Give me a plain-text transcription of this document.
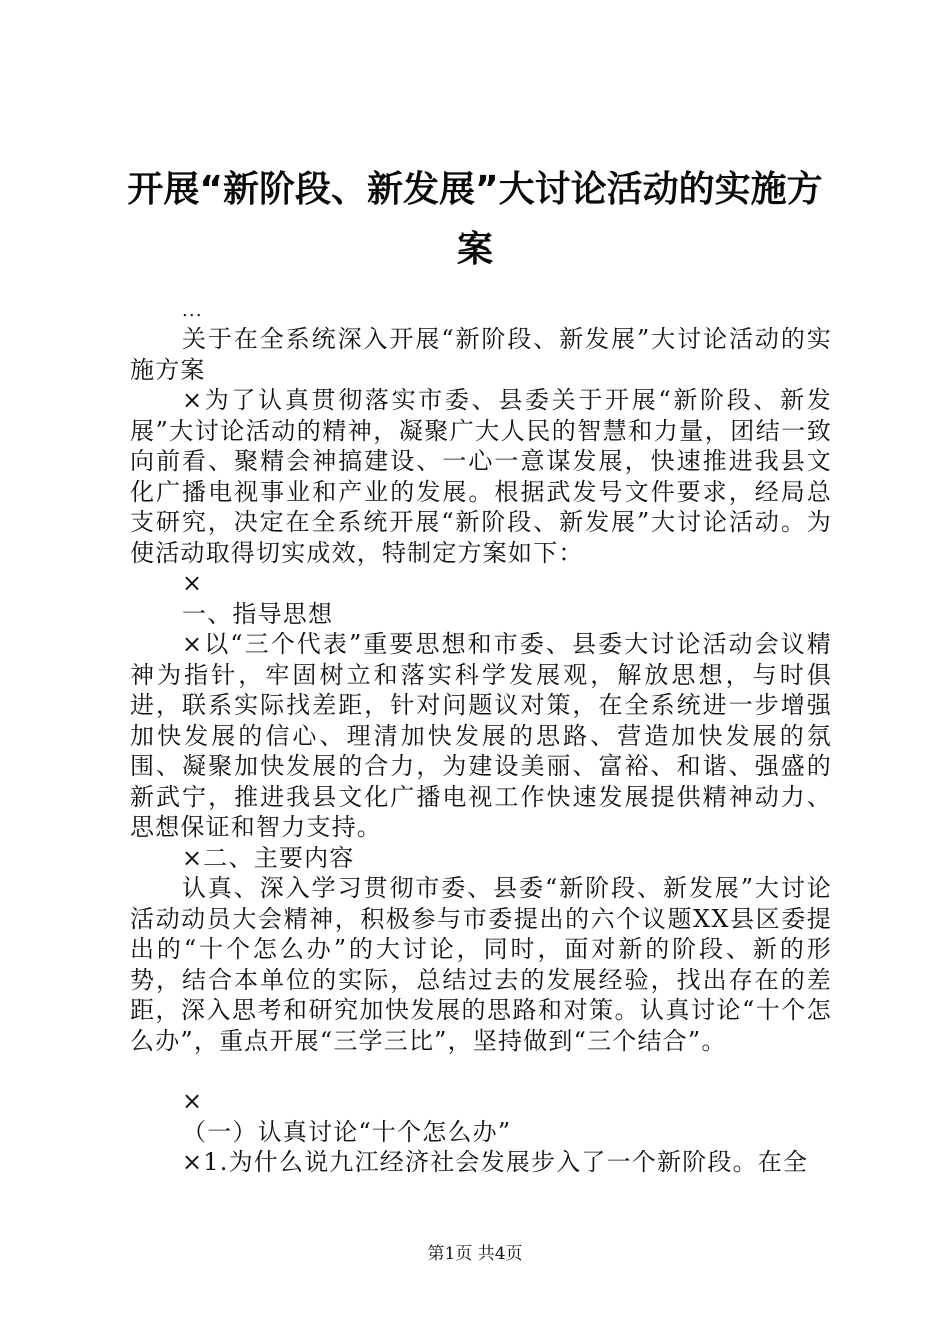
开展“新阶段、新发展”大讨论活动的实施方案

...

关于在全系统深入开展“新阶段、新发展”大讨论活动的实施方案

×为了认真贯彻落实市委、县委关于开展“新阶段、新发展”大讨论活动的精神，凝聚广大人民的智慧和力量，团结一致向前看、聚精会神搞建设、一心一意谋发展，快速推进我县文化广播电视事业和产业的发展。根据武发号文件要求，经局总支研究，决定在全系统开展“新阶段、新发展”大讨论活动。为使活动取得切实成效，特制定方案如下：

×

一、指导思想

×以“三个代表”重要思想和市委、县委大讨论活动会议精神为指针，牢固树立和落实科学发展观，解放思想，与时俱进，联系实际找差距，针对问题议对策，在全系统进一步增强加快发展的信心、理清加快发展的思路、营造加快发展的氛围、凝聚加快发展的合力，为建设美丽、富裕、和谐、强盛的新武宁，推进我县文化广播电视工作快速发展提供精神动力、思想保证和智力支持。

×二、主要内容

认真、深入学习贯彻市委、县委“新阶段、新发展”大讨论活动动员大会精神，积极参与市委提出的六个议题XX县区委提出的“十个怎么办”的大讨论，同时，面对新的阶段、新的形势，结合本单位的实际，总结过去的发展经验，找出存在的差距，深入思考和研究加快发展的思路和对策。认真讨论“十个怎么办”，重点开展“三学三比”，坚持做到“三个结合”。

×

（一）认真讨论“十个怎么办”

×1.为什么说九江经济社会发展步入了一个新阶段。在全

第1页 共4页
